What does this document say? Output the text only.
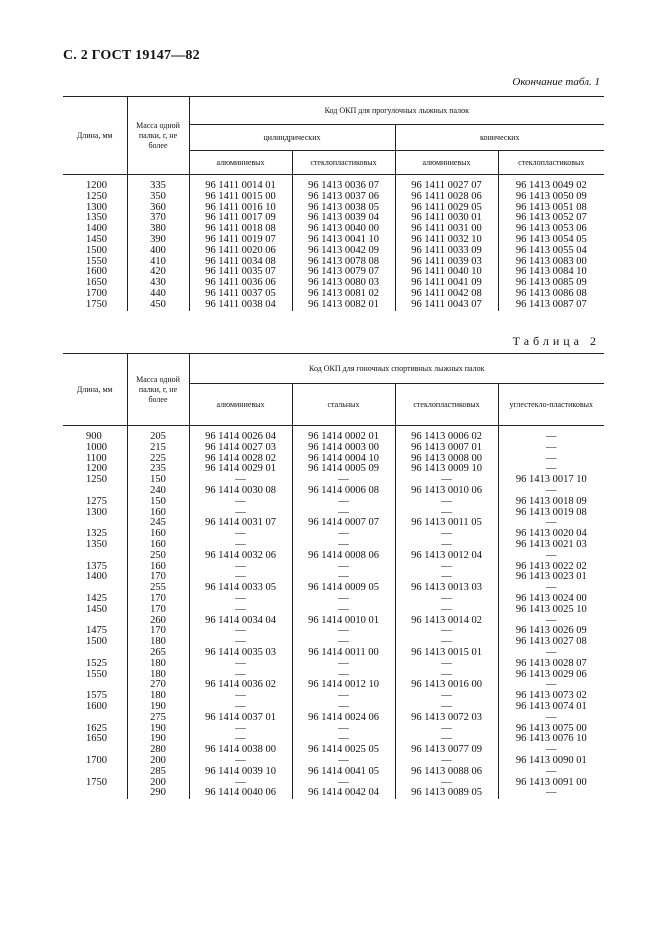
С. 2 ГОСТ 19147—82
Окончание табл. 1
Длина, мм	Масса одной палки, г, не более	Код ОКП для прогулочных лыжных палок			
		цилиндрических		конических	
		алюминиевых	стеклопластиковых	алюминиевых	стеклопластиковых
1200	335	96 1411 0014 01	96 1413 0036 07	96 1411 0027 07	96 1413 0049 02
1250	350	96 1411 0015 00	96 1413 0037 06	96 1411 0028 06	96 1413 0050 09
1300	360	96 1411 0016 10	96 1413 0038 05	96 1411 0029 05	96 1413 0051 08
1350	370	96 1411 0017 09	96 1413 0039 04	96 1411 0030 01	96 1413 0052 07
1400	380	96 1411 0018 08	96 1413 0040 00	96 1411 0031 00	96 1413 0053 06
1450	390	96 1411 0019 07	96 1413 0041 10	96 1411 0032 10	96 1413 0054 05
1500	400	96 1411 0020 06	96 1413 0042 09	96 1411 0033 09	96 1413 0055 04
1550	410	96 1411 0034 08	96 1413 0078 08	96 1411 0039 03	96 1413 0083 00
1600	420	96 1411 0035 07	96 1413 0079 07	96 1411 0040 10	96 1413 0084 10
1650	430	96 1411 0036 06	96 1413 0080 03	96 1411 0041 09	96 1413 0085 09
1700	440	96 1411 0037 05	96 1413 0081 02	96 1411 0042 08	96 1413 0086 08
1750	450	96 1411 0038 04	96 1413 0082 01	96 1411 0043 07	96 1413 0087 07
Таблица 2
Длина, мм	Масса одной палки, г, не более	Код ОКП для гоночных спортивных лыжных палок			
		алюминиевых	стальных	стеклопластиковых	углестекло-пластиковых
900	205	96 1414 0026 04	96 1414 0002 01	96 1413 0006 02	—
1000	215	96 1414 0027 03	96 1414 0003 00	96 1413 0007 01	—
1100	225	96 1414 0028 02	96 1414 0004 10	96 1413 0008 00	—
1200	235	96 1414 0029 01	96 1414 0005 09	96 1413 0009 10	—
1250	150	—	—	—	96 1413 0017 10
	240	96 1414 0030 08	96 1414 0006 08	96 1413 0010 06	—
1275	150	—	—	—	96 1413 0018 09
1300	160	—	—	—	96 1413 0019 08
	245	96 1414 0031 07	96 1414 0007 07	96 1413 0011 05	—
1325	160	—	—	—	96 1413 0020 04
1350	160	—	—	—	96 1413 0021 03
	250	96 1414 0032 06	96 1414 0008 06	96 1413 0012 04	—
1375	160	—	—	—	96 1413 0022 02
1400	170	—	—	—	96 1413 0023 01
	255	96 1414 0033 05	96 1414 0009 05	96 1413 0013 03	—
1425	170	—	—	—	96 1413 0024 00
1450	170	—	—	—	96 1413 0025 10
	260	96 1414 0034 04	96 1414 0010 01	96 1413 0014 02	—
1475	170	—	—	—	96 1413 0026 09
1500	180	—	—	—	96 1413 0027 08
	265	96 1414 0035 03	96 1414 0011 00	96 1413 0015 01	—
1525	180	—	—	—	96 1413 0028 07
1550	180	—	—	—	96 1413 0029 06
	270	96 1414 0036 02	96 1414 0012 10	96 1413 0016 00	—
1575	180	—	—	—	96 1413 0073 02
1600	190	—	—	—	96 1413 0074 01
	275	96 1414 0037 01	96 1414 0024 06	96 1413 0072 03	—
1625	190	—	—	—	96 1413 0075 00
1650	190	—	—	—	96 1413 0076 10
	280	96 1414 0038 00	96 1414 0025 05	96 1413 0077 09	—
1700	200	—	—	—	96 1413 0090 01
	285	96 1414 0039 10	96 1414 0041 05	96 1413 0088 06	—
1750	200	—	—	—	96 1413 0091 00
	290	96 1414 0040 06	96 1414 0042 04	96 1413 0089 05	—
